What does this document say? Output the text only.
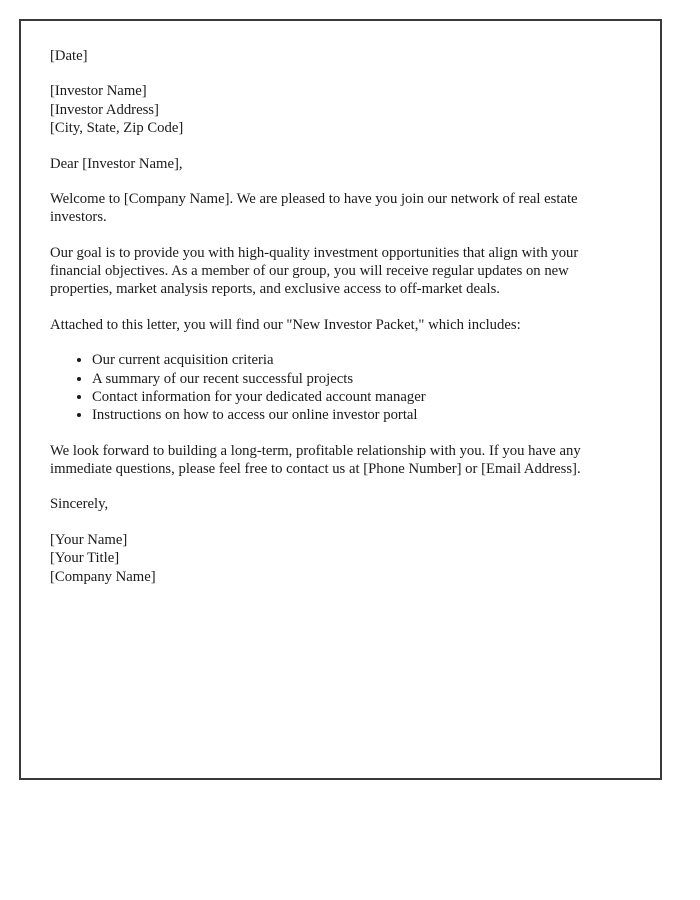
[Date]
[Investor Name]
[Investor Address]
[City, State, Zip Code]
Dear [Investor Name],
Welcome to [Company Name]. We are pleased to have you join our network of real estate investors.
Our goal is to provide you with high-quality investment opportunities that align with your financial objectives. As a member of our group, you will receive regular updates on new properties, market analysis reports, and exclusive access to off-market deals.
Attached to this letter, you will find our "New Investor Packet," which includes:
• Our current acquisition criteria
• A summary of our recent successful projects
• Contact information for your dedicated account manager
• Instructions on how to access our online investor portal
We look forward to building a long-term, profitable relationship with you. If you have any immediate questions, please feel free to contact us at [Phone Number] or [Email Address].
Sincerely,
[Your Name]
[Your Title]
[Company Name]
